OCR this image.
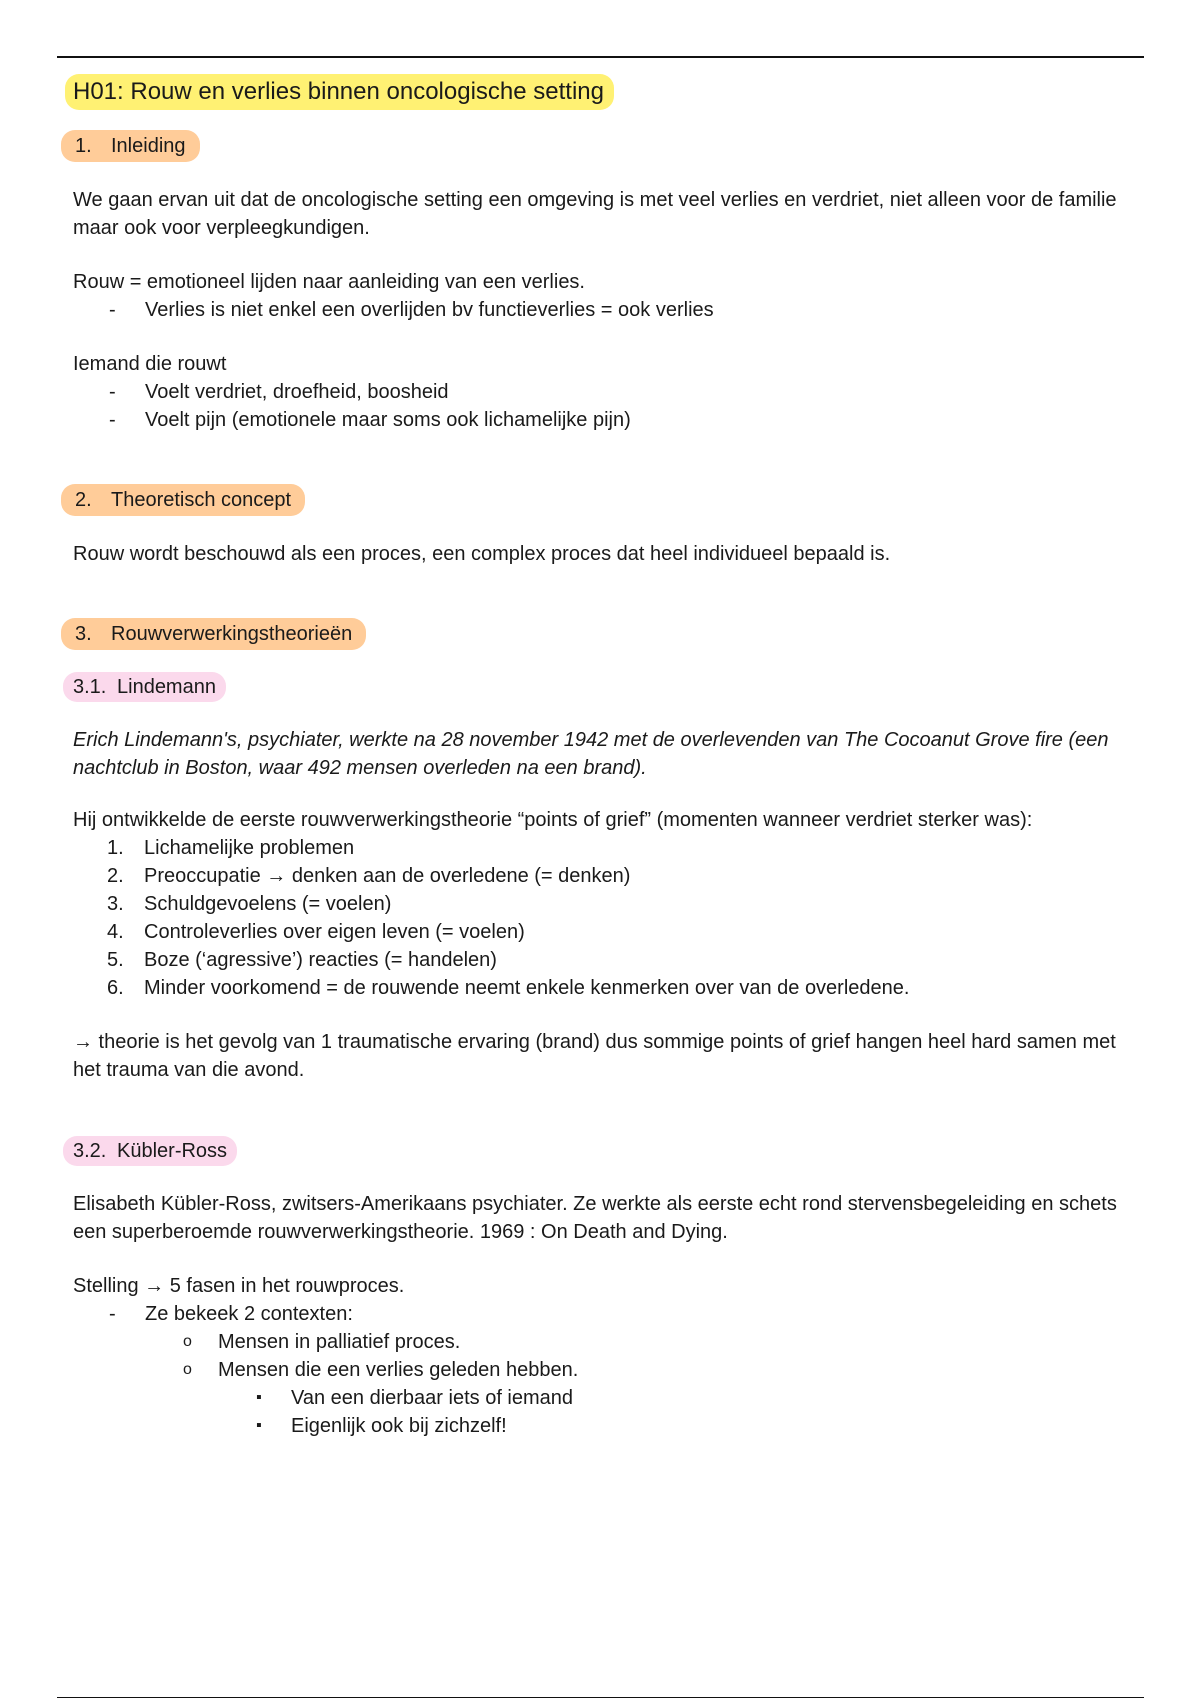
H01: Rouw en verlies binnen oncologische setting
1. Inleiding

We gaan ervan uit dat de oncologische setting een omgeving is met veel verlies en verdriet, niet alleen voor de familie

maar ook voor verpleegkundigen.

Rouw = emotioneel lijden naar aanleiding van een verlies.

- Verlies is niet enkel een overlijden bv functieverlies = ook verlies

Iemand die rouwt

- Voelt verdriet, droefheid, boosheid
- Voelt pijn (emotionele maar soms ook lichamelijke pijn)
2. Theoretisch concept

Rouw wordt beschouwd als een proces, een complex proces dat heel individueel bepaald is.

3. Rouwverwerkingstheorieën
3.1. Lindemann

Erich Lindemann's, psychiater, werkte na 28 november 1942 met de overlevenden van The Cocoanut Grove fire (een

nachtclub in Boston, waar 492 mensen overleden na een brand).

Hij ontwikkelde de eerste rouwverwerkingstheorie “points of grief” (momenten wanneer verdriet sterker was):

1. Lichamelijke problemen
2. Preoccupatie → denken aan de overledene (= denken)
3. Schuldgevoelens (= voelen)
4. Controleverlies over eigen leven (= voelen)
5. Boze (‘agressive’) reacties (= handelen)
6. Minder voorkomend = de rouwende neemt enkele kenmerken over van de overledene.

→ theorie is het gevolg van 1 traumatische ervaring (brand) dus sommige points of grief hangen heel hard samen met

het trauma van die avond.

3.2. Kübler-Ross

Elisabeth Kübler-Ross, zwitsers-Amerikaans psychiater. Ze werkte als eerste echt rond stervensbegeleiding en schets

een superberoemde rouwverwerkingstheorie. 1969 : On Death and Dying.

Stelling → 5 fasen in het rouwproces.

- Ze bekeek 2 contexten:
o Mensen in palliatief proces.
o Mensen die een verlies geleden hebben.
▪ Van een dierbaar iets of iemand
▪ Eigenlijk ook bij zichzelf!
